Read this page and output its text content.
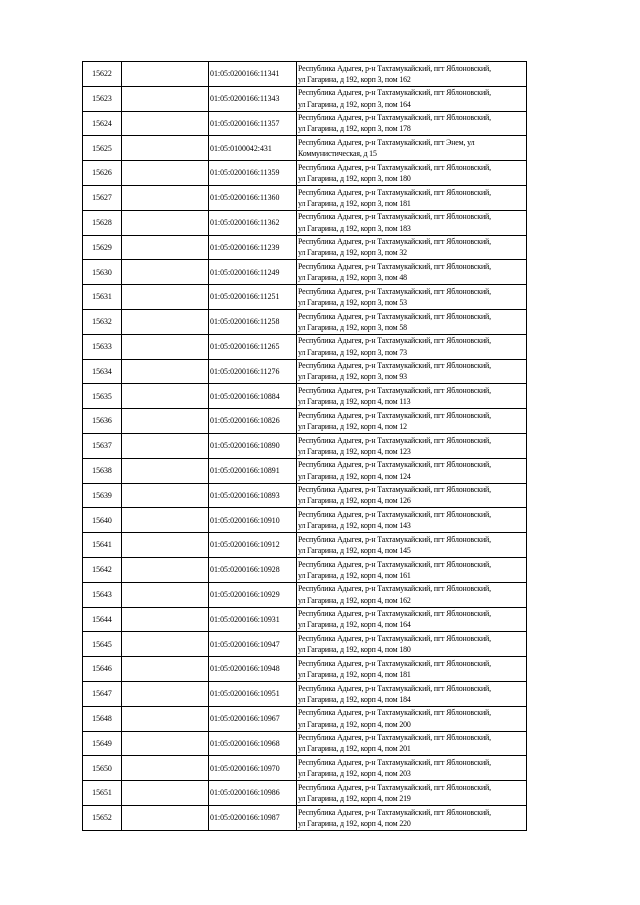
15622		01:05:0200166:11341	Республика Адыгея, р-н Тахтамукайский, пгт Яблоновский,
ул Гагарина, д 192, корп 3, пом 162

15623		01:05:0200166:11343	Республика Адыгея, р-н Тахтамукайский, пгт Яблоновский,
ул Гагарина, д 192, корп 3, пом 164

15624		01:05:0200166:11357	Республика Адыгея, р-н Тахтамукайский, пгт Яблоновский,
ул Гагарина, д 192, корп 3, пом 178

15625		01:05:0100042:431	Республика Адыгея, р-н Тахтамукайский, пгт Энем, ул
Коммунистическая, д 15

15626		01:05:0200166:11359	Республика Адыгея, р-н Тахтамукайский, пгт Яблоновский,
ул Гагарина, д 192, корп 3, пом 180

15627		01:05:0200166:11360	Республика Адыгея, р-н Тахтамукайский, пгт Яблоновский,
ул Гагарина, д 192, корп 3, пом 181

15628		01:05:0200166:11362	Республика Адыгея, р-н Тахтамукайский, пгт Яблоновский,
ул Гагарина, д 192, корп 3, пом 183

15629		01:05:0200166:11239	Республика Адыгея, р-н Тахтамукайский, пгт Яблоновский,
ул Гагарина, д 192, корп 3, пом 32

15630		01:05:0200166:11249	Республика Адыгея, р-н Тахтамукайский, пгт Яблоновский,
ул Гагарина, д 192, корп 3, пом 48

15631		01:05:0200166:11251	Республика Адыгея, р-н Тахтамукайский, пгт Яблоновский,
ул Гагарина, д 192, корп 3, пом 53

15632		01:05:0200166:11258	Республика Адыгея, р-н Тахтамукайский, пгт Яблоновский,
ул Гагарина, д 192, корп 3, пом 58

15633		01:05:0200166:11265	Республика Адыгея, р-н Тахтамукайский, пгт Яблоновский,
ул Гагарина, д 192, корп 3, пом 73

15634		01:05:0200166:11276	Республика Адыгея, р-н Тахтамукайский, пгт Яблоновский,
ул Гагарина, д 192, корп 3, пом 93

15635		01:05:0200166:10884	Республика Адыгея, р-н Тахтамукайский, пгт Яблоновский,
ул Гагарина, д 192, корп 4, пом 113

15636		01:05:0200166:10826	Республика Адыгея, р-н Тахтамукайский, пгт Яблоновский,
ул Гагарина, д 192, корп 4, пом 12

15637		01:05:0200166:10890	Республика Адыгея, р-н Тахтамукайский, пгт Яблоновский,
ул Гагарина, д 192, корп 4, пом 123

15638		01:05:0200166:10891	Республика Адыгея, р-н Тахтамукайский, пгт Яблоновский,
ул Гагарина, д 192, корп 4, пом 124

15639		01:05:0200166:10893	Республика Адыгея, р-н Тахтамукайский, пгт Яблоновский,
ул Гагарина, д 192, корп 4, пом 126

15640		01:05:0200166:10910	Республика Адыгея, р-н Тахтамукайский, пгт Яблоновский,
ул Гагарина, д 192, корп 4, пом 143

15641		01:05:0200166:10912	Республика Адыгея, р-н Тахтамукайский, пгт Яблоновский,
ул Гагарина, д 192, корп 4, пом 145

15642		01:05:0200166:10928	Республика Адыгея, р-н Тахтамукайский, пгт Яблоновский,
ул Гагарина, д 192, корп 4, пом 161

15643		01:05:0200166:10929	Республика Адыгея, р-н Тахтамукайский, пгт Яблоновский,
ул Гагарина, д 192, корп 4, пом 162

15644		01:05:0200166:10931	Республика Адыгея, р-н Тахтамукайский, пгт Яблоновский,
ул Гагарина, д 192, корп 4, пом 164

15645		01:05:0200166:10947	Республика Адыгея, р-н Тахтамукайский, пгт Яблоновский,
ул Гагарина, д 192, корп 4, пом 180

15646		01:05:0200166:10948	Республика Адыгея, р-н Тахтамукайский, пгт Яблоновский,
ул Гагарина, д 192, корп 4, пом 181

15647		01:05:0200166:10951	Республика Адыгея, р-н Тахтамукайский, пгт Яблоновский,
ул Гагарина, д 192, корп 4, пом 184

15648		01:05:0200166:10967	Республика Адыгея, р-н Тахтамукайский, пгт Яблоновский,
ул Гагарина, д 192, корп 4, пом 200

15649		01:05:0200166:10968	Республика Адыгея, р-н Тахтамукайский, пгт Яблоновский,
ул Гагарина, д 192, корп 4, пом 201

15650		01:05:0200166:10970	Республика Адыгея, р-н Тахтамукайский, пгт Яблоновский,
ул Гагарина, д 192, корп 4, пом 203

15651		01:05:0200166:10986	Республика Адыгея, р-н Тахтамукайский, пгт Яблоновский,
ул Гагарина, д 192, корп 4, пом 219

15652		01:05:0200166:10987	Республика Адыгея, р-н Тахтамукайский, пгт Яблоновский,
ул Гагарина, д 192, корп 4, пом 220
